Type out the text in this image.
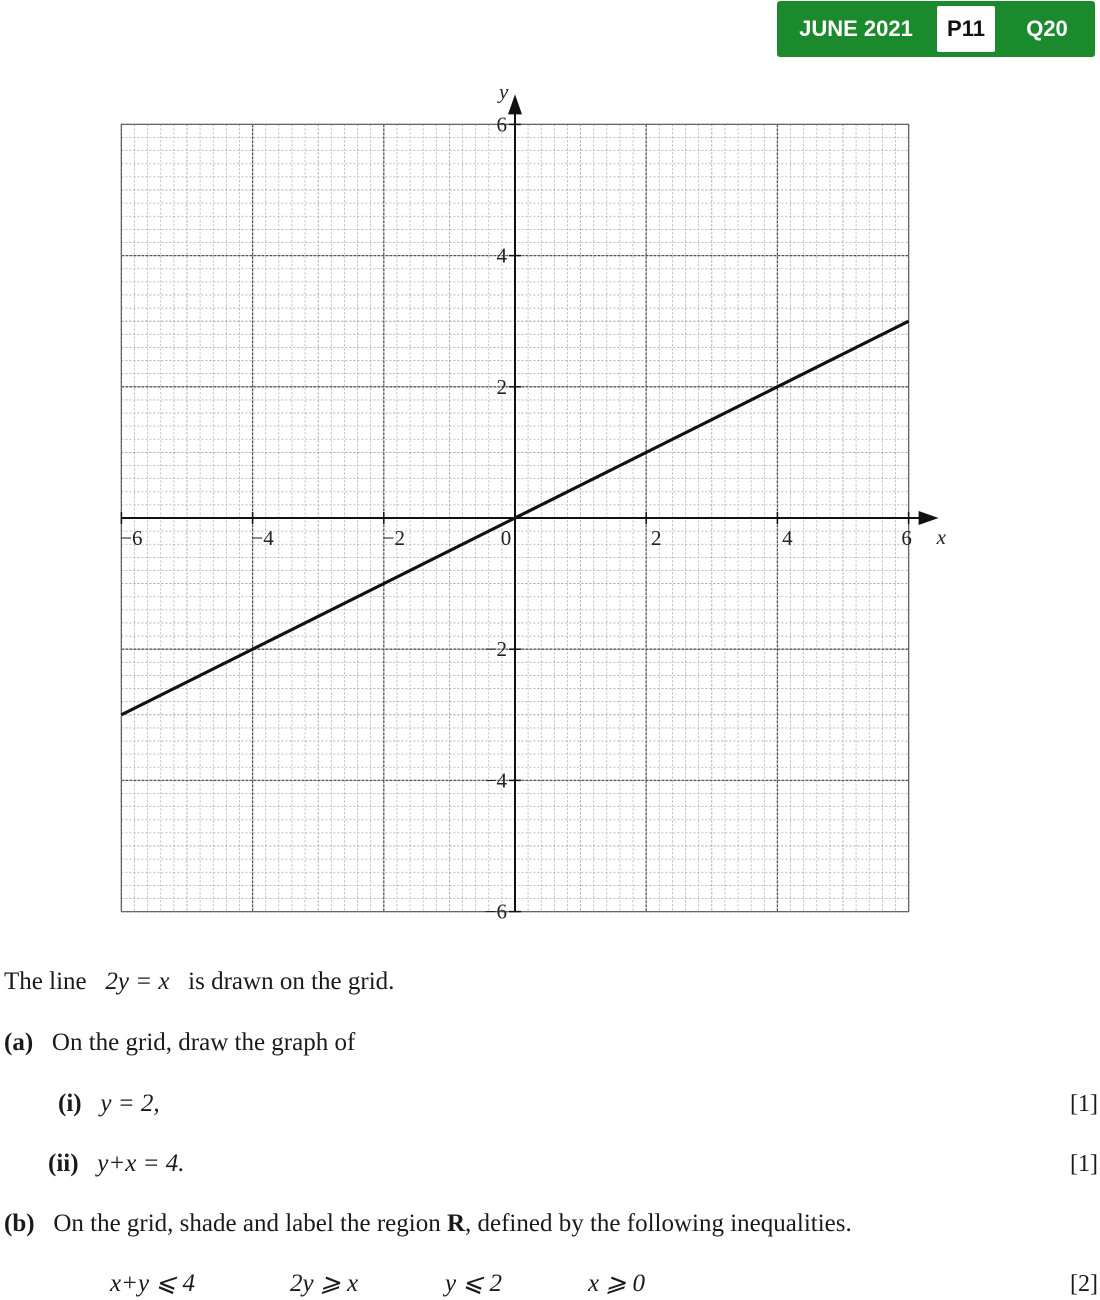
JUNE 2021	P11	Q20
x
y
−6	−4	−2	0	2	4	6
6
4
2
−2
−4
−6
The line 2y = x is drawn on the grid.
(a) On the grid, draw the graph of
(i) y = 2,	[1]
(ii) y+x = 4.	[1]
(b) On the grid, shade and label the region R, defined by the following inequalities.
x+y ⩽ 4	2y ⩾ x	y ⩽ 2	x ⩾ 0	[2]
